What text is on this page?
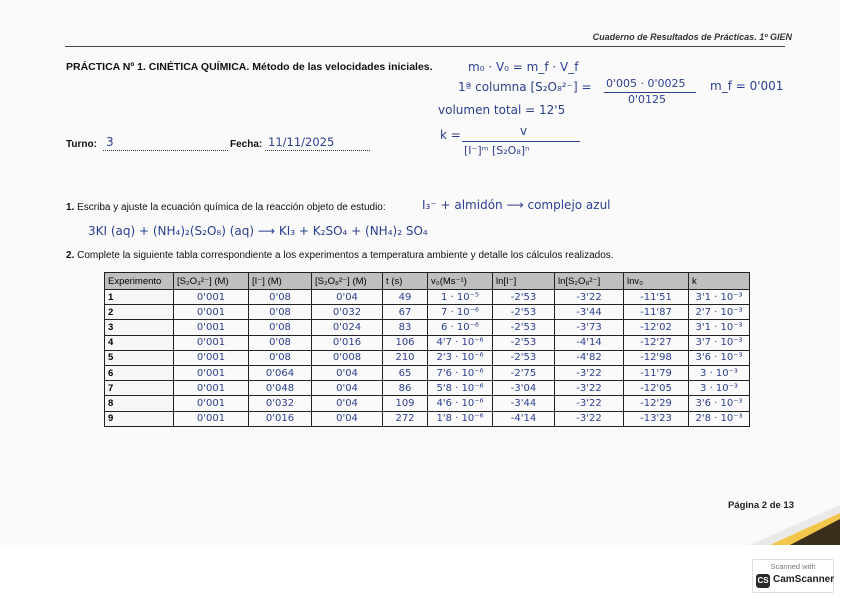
Cuaderno de Resultados de Prácticas. 1º GIEN
PRÁCTICA Nº 1. CINÉTICA QUÍMICA. Método de las velocidades iniciales.	m₀ · V₀ = m_f · V_f
1ª columna [S₂O₈²⁻] = 0'005 · 0'0025
0'0125
m_f = 0'001
volumen total = 12'5
k =	v
[I⁻]ᵐ [S₂O₈]ⁿ
Turno: 3	Fecha: 11/11/2025
1. Escriba y ajuste la ecuación química de la reacción objeto de estudio:	I₃⁻ + almidón ⟶ complejo azul
3KI (aq) + (NH₄)₂(S₂O₈) (aq) ⟶ KI₃ + K₂SO₄ + (NH₄)₂ SO₄
2. Complete la siguiente tabla correspondiente a los experimentos a temperatura ambiente y detalle los cálculos realizados.
Experimento	[S₂O₃²⁻] (M)	[I⁻] (M)	[S₂O₈²⁻] (M)	t (s)	v₀(Ms⁻¹)	ln[I⁻]	ln[S₂O₈²⁻]	lnv₀	k
1	0'001	0'08	0'04	49	1 · 10⁻⁵	-2'53	-3'22	-11'51	3'1 · 10⁻³
2	0'001	0'08	0'032	67	7 · 10⁻⁶	-2'53	-3'44	-11'87	2'7 · 10⁻³
3	0'001	0'08	0'024	83	6 · 10⁻⁶	-2'53	-3'73	-12'02	3'1 · 10⁻³
4	0'001	0'08	0'016	106	4'7 · 10⁻⁶	-2'53	-4'14	-12'27	3'7 · 10⁻³
5	0'001	0'08	0'008	210	2'3 · 10⁻⁶	-2'53	-4'82	-12'98	3'6 · 10⁻³
6	0'001	0'064	0'04	65	7'6 · 10⁻⁶	-2'75	-3'22	-11'79	3 · 10⁻³
7	0'001	0'048	0'04	86	5'8 · 10⁻⁶	-3'04	-3'22	-12'05	3 · 10⁻³
8	0'001	0'032	0'04	109	4'6 · 10⁻⁶	-3'44	-3'22	-12'29	3'6 · 10⁻³
9	0'001	0'016	0'04	272	1'8 · 10⁻⁶	-4'14	-3'22	-13'23	2'8 · 10⁻³
Página 2 de 13
Scanned with
CS CamScanner
